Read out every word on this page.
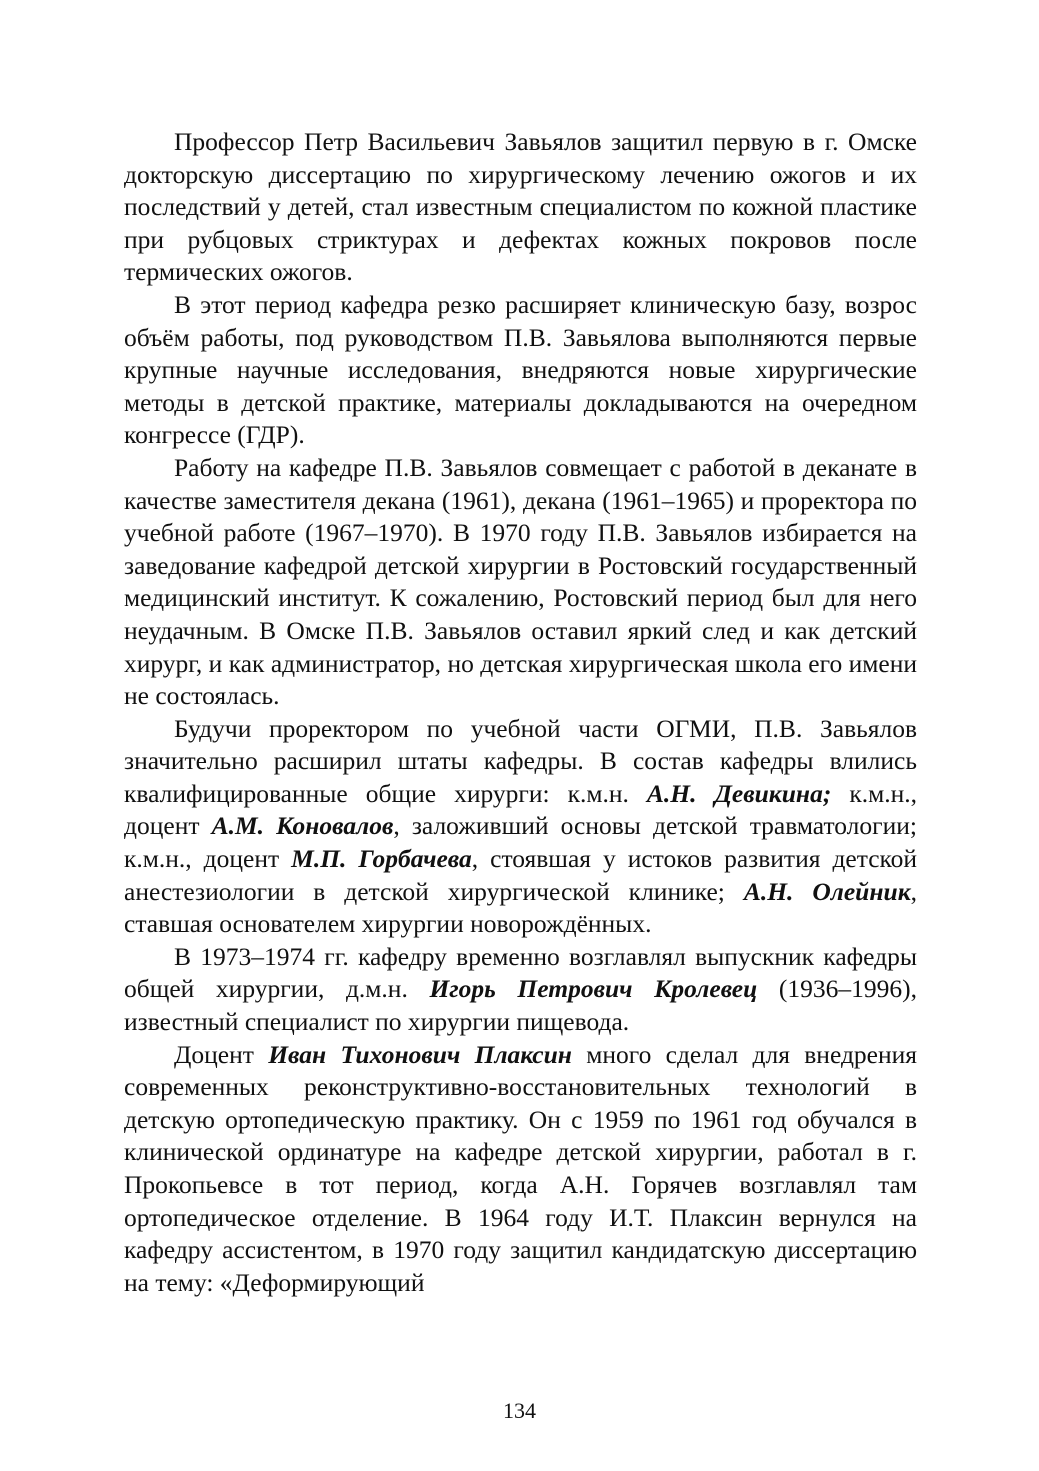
Профессор Петр Васильевич Завьялов защитил первую в г. Омске докторскую диссертацию по хирургическому лечению ожогов и их последствий у детей, стал известным специалистом по кожной пластике при рубцовых стриктурах и дефектах кожных покровов после термических ожогов.

В этот период кафедра резко расширяет клиническую базу, возрос объём работы, под руководством П.В. Завьялова выполняются первые крупные научные исследования, внедряются новые хирургические методы в детской практике, материалы докладываются на очередном конгрессе (ГДР).

Работу на кафедре П.В. Завьялов совмещает с работой в деканате в качестве заместителя декана (1961), декана (1961–1965) и проректора по учебной работе (1967–1970). В 1970 году П.В. Завьялов избирается на заведование кафедрой детской хирургии в Ростовский государственный медицинский институт. К сожалению, Ростовский период был для него неудачным. В Омске П.В. Завьялов оставил яркий след и как детский хирург, и как администратор, но детская хирургическая школа его имени не состоялась.

Будучи проректором по учебной части ОГМИ, П.В. Завьялов значительно расширил штаты кафедры. В состав кафедры влились квалифицированные общие хирурги: к.м.н. А.Н. Девикина; к.м.н., доцент А.М. Коновалов, заложивший основы детской травматологии; к.м.н., доцент М.П. Горбачева, стоявшая у истоков развития детской анестезиологии в детской хирургической клинике; А.Н. Олейник, ставшая основателем хирургии новорождённых.

В 1973–1974 гг. кафедру временно возглавлял выпускник кафедры общей хирургии, д.м.н. Игорь Петрович Кролевец (1936–1996), известный специалист по хирургии пищевода.

Доцент Иван Тихонович Плаксин много сделал для внедрения современных реконструктивно-восстановительных технологий в детскую ортопедическую практику. Он с 1959 по 1961 год обучался в клинической ординатуре на кафедре детской хирургии, работал в г. Прокопьевсе в тот период, когда А.Н. Горячев возглавлял там ортопедическое отделение. В 1964 году И.Т. Плаксин вернулся на кафедру ассистентом, в 1970 году защитил кандидатскую диссертацию на тему: «Деформирующий

134
